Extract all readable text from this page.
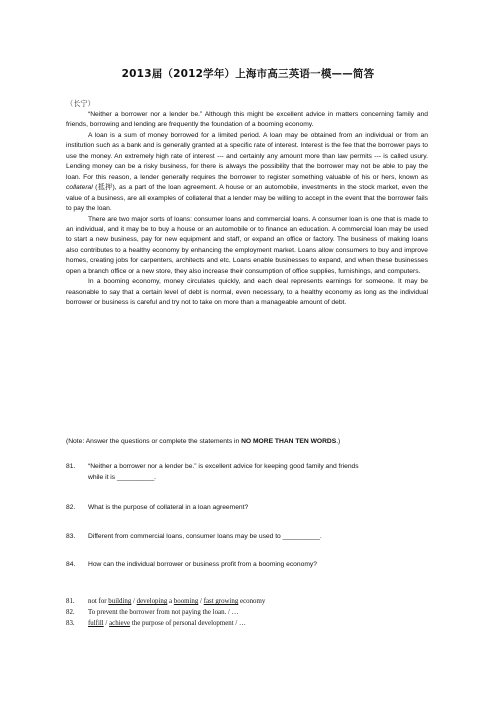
2013届（2012学年）上海市高三英语一模——简答
（长宁）

“Neither a borrower nor a lender be.” Although this might be excellent advice in matters concerning family and friends, borrowing and lending are frequently the foundation of a booming economy.

A loan is a sum of money borrowed for a limited period. A loan may be obtained from an individual or from an institution such as a bank and is generally granted at a specific rate of interest. Interest is the fee that the borrower pays to use the money. An extremely high rate of interest --- and certainly any amount more than law permits --- is called usury. Lending money can be a risky business, for there is always the possibility that the borrower may not be able to pay the loan. For this reason, a lender generally requires the borrower to register something valuable of his or hers, known as collateral (抵押), as a part of the loan agreement. A house or an automobile, investments in the stock market, even the value of a business, are all examples of collateral that a lender may be willing to accept in the event that the borrower fails to pay the loan.

There are two major sorts of loans: consumer loans and commercial loans. A consumer loan is one that is made to an individual, and it may be to buy a house or an automobile or to finance an education. A commercial loan may be used to start a new business, pay for new equipment and staff, or expand an office or factory. The business of making loans also contributes to a healthy economy by enhancing the employment market. Loans allow consumers to buy and improve homes, creating jobs for carpenters, architects and etc. Loans enable businesses to expand, and when these businesses open a branch office or a new store, they also increase their consumption of office supplies, furnishings, and computers.

In a booming economy, money circulates quickly, and each deal represents earnings for someone. It may be reasonable to say that a certain level of debt is normal, even necessary, to a healthy economy as long as the individual borrower or business is careful and try not to take on more than a manageable amount of debt.

(Note: Answer the questions or complete the statements in NO MORE THAN TEN WORDS.)
81. “Neither a borrower nor a lender be.” is excellent advice for keeping good family and friends
while it is __________.
82. What is the purpose of collateral in a loan agreement?
83. Different from commercial loans, consumer loans may be used to __________.
84. How can the individual borrower or business profit from a booming economy?
81. not for building / developing a booming / fast growing economy
82. To prevent the borrower from not paying the loan. / …
83. fulfill / achieve the purpose of personal development / …
